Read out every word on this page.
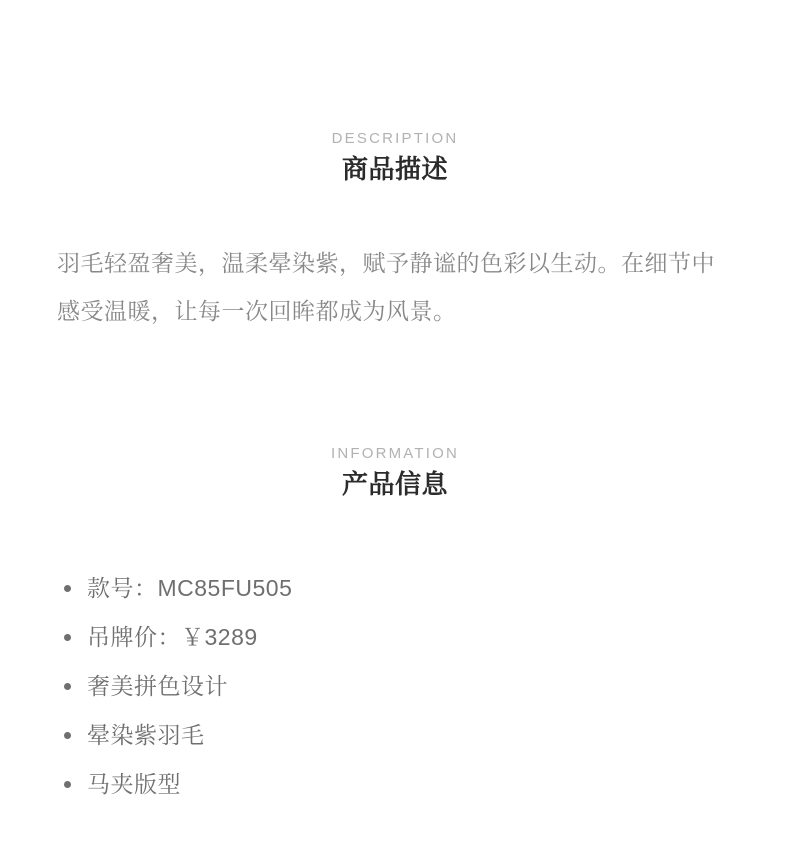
DESCRIPTION
商品描述

羽毛轻盈奢美，温柔晕染紫，赋予静谧的色彩以生动。在细节中感受温暖，让每一次回眸都成为风景。

INFORMATION
产品信息
款号：MC85FU505
吊牌价：￥3289
奢美拼色设计
晕染紫羽毛
马夹版型
